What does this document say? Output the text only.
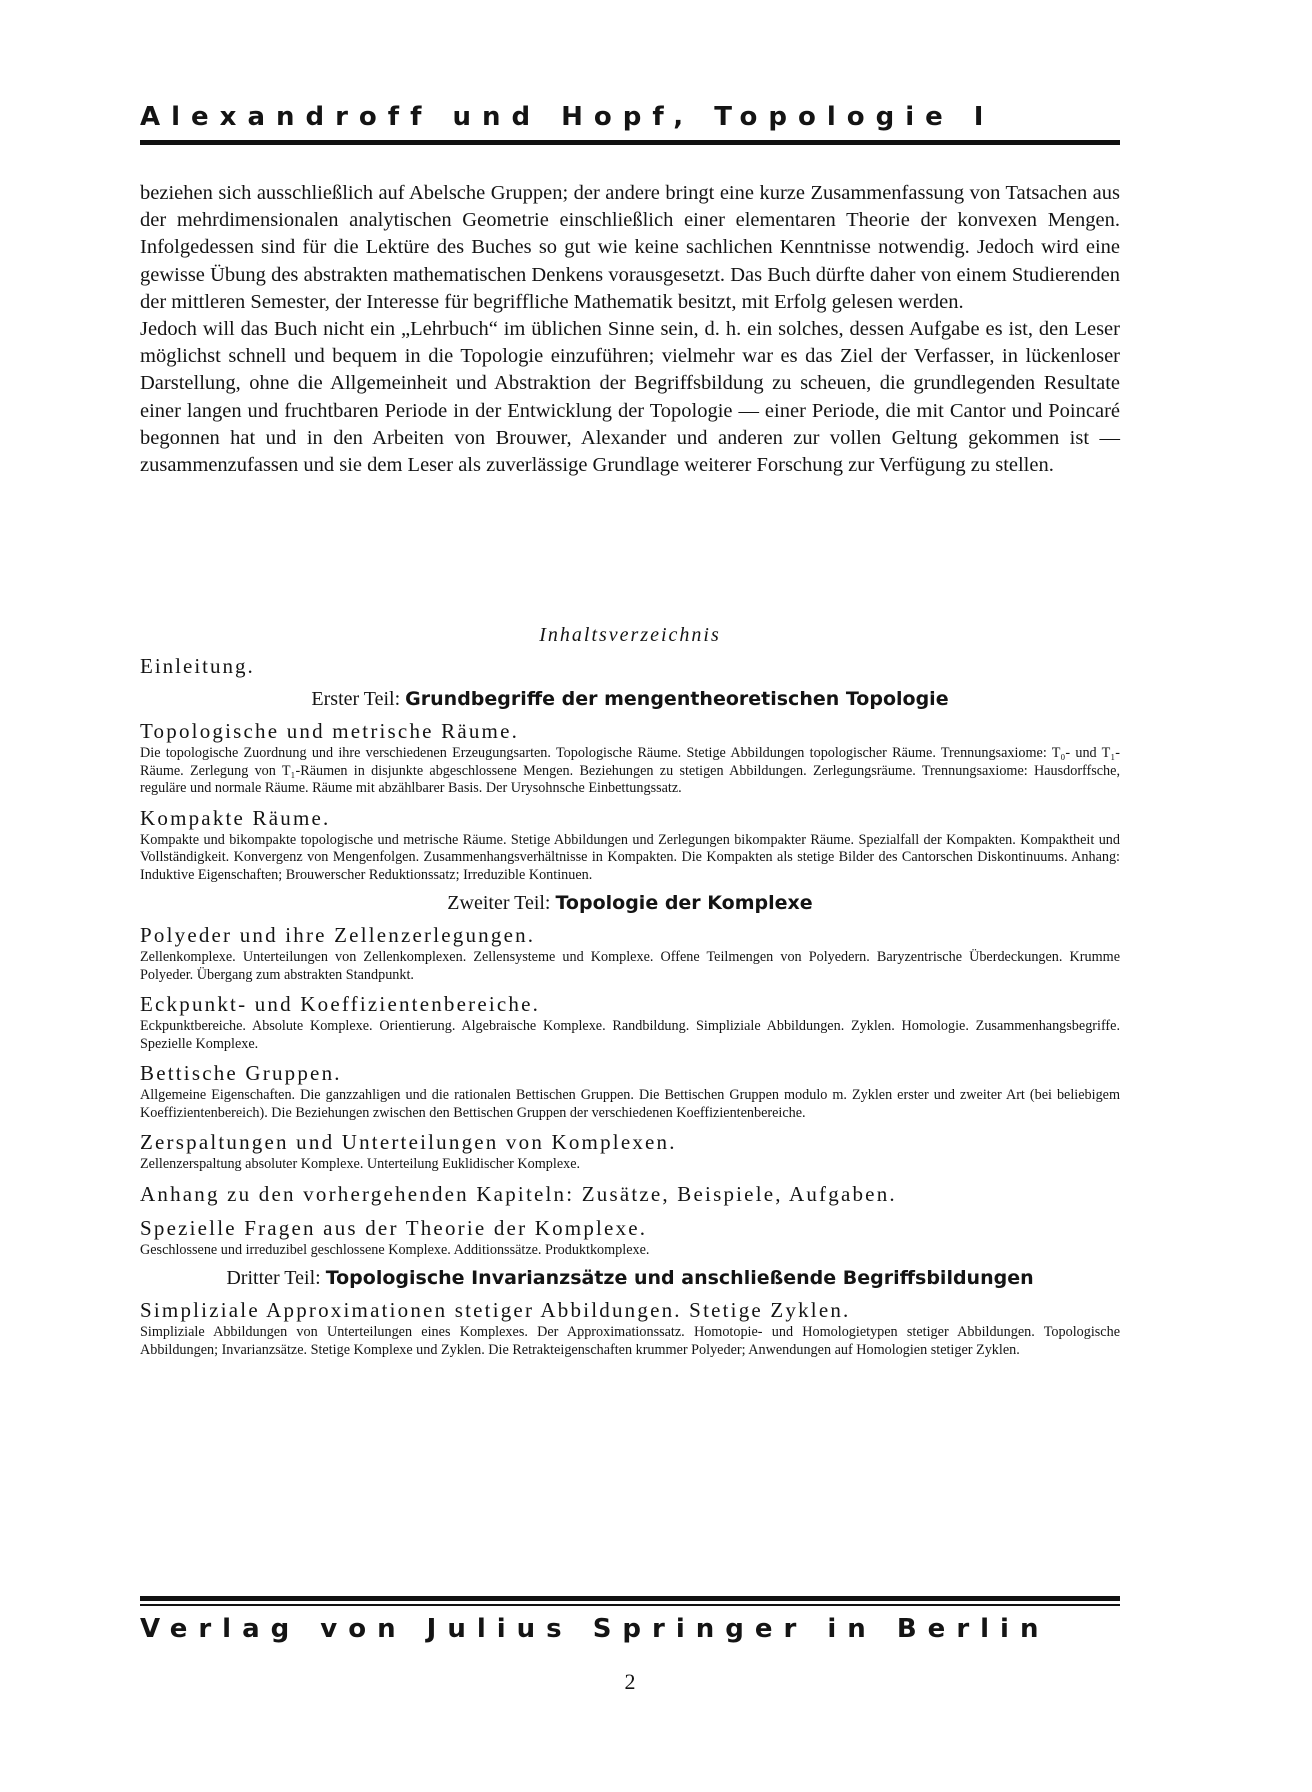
Alexandroff und Hopf, Topologie I

beziehen sich ausschließlich auf Abelsche Gruppen; der andere bringt eine kurze Zusammenfassung von Tatsachen aus der mehrdimensionalen analytischen Geometrie einschließlich einer elementaren Theorie der konvexen Mengen. Infolgedessen sind für die Lektüre des Buches so gut wie keine sachlichen Kenntnisse notwendig. Jedoch wird eine gewisse Übung des abstrakten mathematischen Denkens vorausgesetzt. Das Buch dürfte daher von einem Studierenden der mittleren Semester, der Interesse für begriffliche Mathematik besitzt, mit Erfolg gelesen werden.

Jedoch will das Buch nicht ein „Lehrbuch“ im üblichen Sinne sein, d. h. ein solches, dessen Aufgabe es ist, den Leser möglichst schnell und bequem in die Topologie einzuführen; vielmehr war es das Ziel der Verfasser, in lückenloser Darstellung, ohne die Allgemeinheit und Abstraktion der Begriffsbildung zu scheuen, die grundlegenden Resultate einer langen und fruchtbaren Periode in der Entwicklung der Topologie — einer Periode, die mit Cantor und Poincaré begonnen hat und in den Arbeiten von Brouwer, Alexander und anderen zur vollen Geltung gekommen ist — zusammenzufassen und sie dem Leser als zuverlässige Grundlage weiterer Forschung zur Verfügung zu stellen.

Inhaltsverzeichnis
Einleitung.
Erster Teil: Grundbegriffe der mengentheoretischen Topologie
Topologische und metrische Räume.
Die topologische Zuordnung und ihre verschiedenen Erzeugungsarten. Topologische Räume. Stetige Abbildungen topologischer Räume. Trennungsaxiome: T₀- und T₁-Räume. Zerlegung von T₁-Räumen in disjunkte abgeschlossene Mengen. Beziehungen zu stetigen Abbildungen. Zerlegungsräume. Trennungsaxiome: Hausdorffsche, reguläre und normale Räume. Räume mit abzählbarer Basis. Der Urysohnsche Einbettungssatz.
Kompakte Räume.
Kompakte und bikompakte topologische und metrische Räume. Stetige Abbildungen und Zerlegungen bikompakter Räume. Spezialfall der Kompakten. Kompaktheit und Vollständigkeit. Konvergenz von Mengenfolgen. Zusammenhangsverhältnisse in Kompakten. Die Kompakten als stetige Bilder des Cantorschen Diskontinuums. Anhang: Induktive Eigenschaften; Brouwerscher Reduktionssatz; Irreduzible Kontinuen.
Zweiter Teil: Topologie der Komplexe
Polyeder und ihre Zellenzerlegungen.
Zellenkomplexe. Unterteilungen von Zellenkomplexen. Zellensysteme und Komplexe. Offene Teilmengen von Polyedern. Baryzentrische Überdeckungen. Krumme Polyeder. Übergang zum abstrakten Standpunkt.
Eckpunkt- und Koeffizientenbereiche.
Eckpunktbereiche. Absolute Komplexe. Orientierung. Algebraische Komplexe. Randbildung. Simpliziale Abbildungen. Zyklen. Homologie. Zusammenhangsbegriffe. Spezielle Komplexe.
Bettische Gruppen.
Allgemeine Eigenschaften. Die ganzzahligen und die rationalen Bettischen Gruppen. Die Bettischen Gruppen modulo m. Zyklen erster und zweiter Art (bei beliebigem Koeffizientenbereich). Die Beziehungen zwischen den Bettischen Gruppen der verschiedenen Koeffizientenbereiche.
Zerspaltungen und Unterteilungen von Komplexen.
Zellenzerspaltung absoluter Komplexe. Unterteilung Euklidischer Komplexe.
Anhang zu den vorhergehenden Kapiteln: Zusätze, Beispiele, Aufgaben.
Spezielle Fragen aus der Theorie der Komplexe.
Geschlossene und irreduzibel geschlossene Komplexe. Additionssätze. Produktkomplexe.
Dritter Teil: Topologische Invarianzsätze und anschließende Begriffsbildungen
Simpliziale Approximationen stetiger Abbildungen. Stetige Zyklen.
Simpliziale Abbildungen von Unterteilungen eines Komplexes. Der Approximationssatz. Homotopie- und Homologietypen stetiger Abbildungen. Topologische Abbildungen; Invarianzsätze. Stetige Komplexe und Zyklen. Die Retrakteigenschaften krummer Polyeder; Anwendungen auf Homologien stetiger Zyklen.
Verlag von Julius Springer in Berlin
2
